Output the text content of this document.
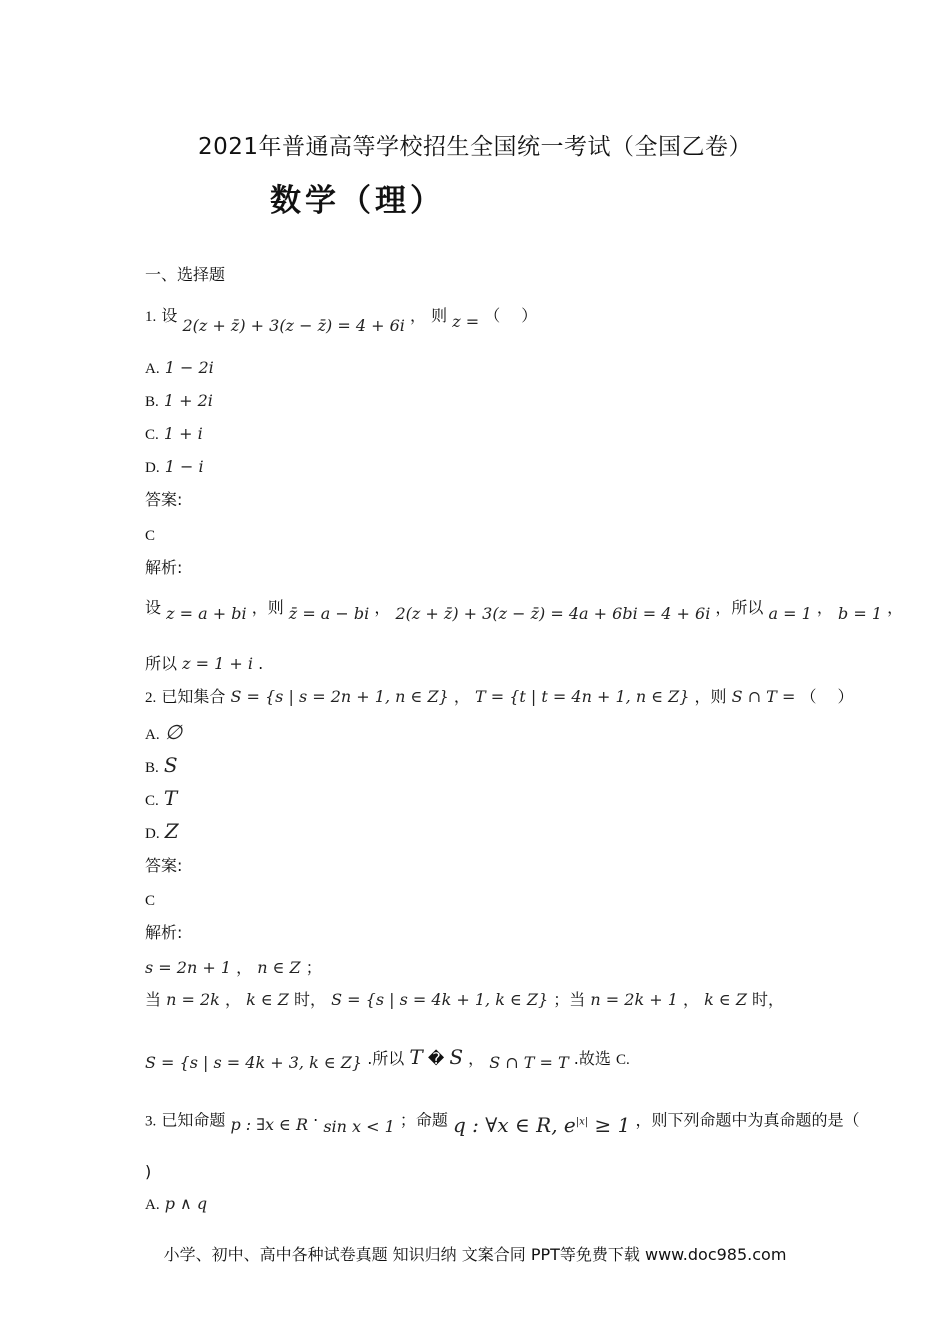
2021年普通高等学校招生全国统一考试（全国乙卷）
数学（理）
一、选择题
1. 设 2(z + z̄) + 3(z − z̄) = 4 + 6i ， 则 z = （　 ）
A. 1 − 2i
B. 1 + 2i
C. 1 + i
D. 1 − i
答案:
C
解析:
设 z = a + bi ，则 z̄ = a − bi ， 2(z + z̄) + 3(z − z̄) = 4a + 6bi = 4 + 6i ，所以 a = 1 ， b = 1 ，
所以 z = 1 + i .
2. 已知集合 S = {s | s = 2n + 1, n ∈ Z} ， T = {t | t = 4n + 1, n ∈ Z} ，则 S ∩ T = （　 ）
A. ∅
B. S
C. T
D. Z
答案:
C
解析:
s = 2n + 1 ， n ∈ Z ；
当 n = 2k ， k ∈ Z 时， S = {s | s = 4k + 1, k ∈ Z} ；当 n = 2k + 1 ， k ∈ Z 时，
S = {s | s = 4k + 3, k ∈ Z} .所以 T � S ， S ∩ T = T .故选 C.
3. 已知命题 p : ∃x ∈ R · sin x < 1 ；命题 q : ∀x ∈ R, $e^{|x|} \ge 1$ ，则下列命题中为真命题的是（
)
A. p ∧ q
小学、初中、高中各种试卷真题 知识归纳 文案合同 PPT等免费下载 www.doc985.com
